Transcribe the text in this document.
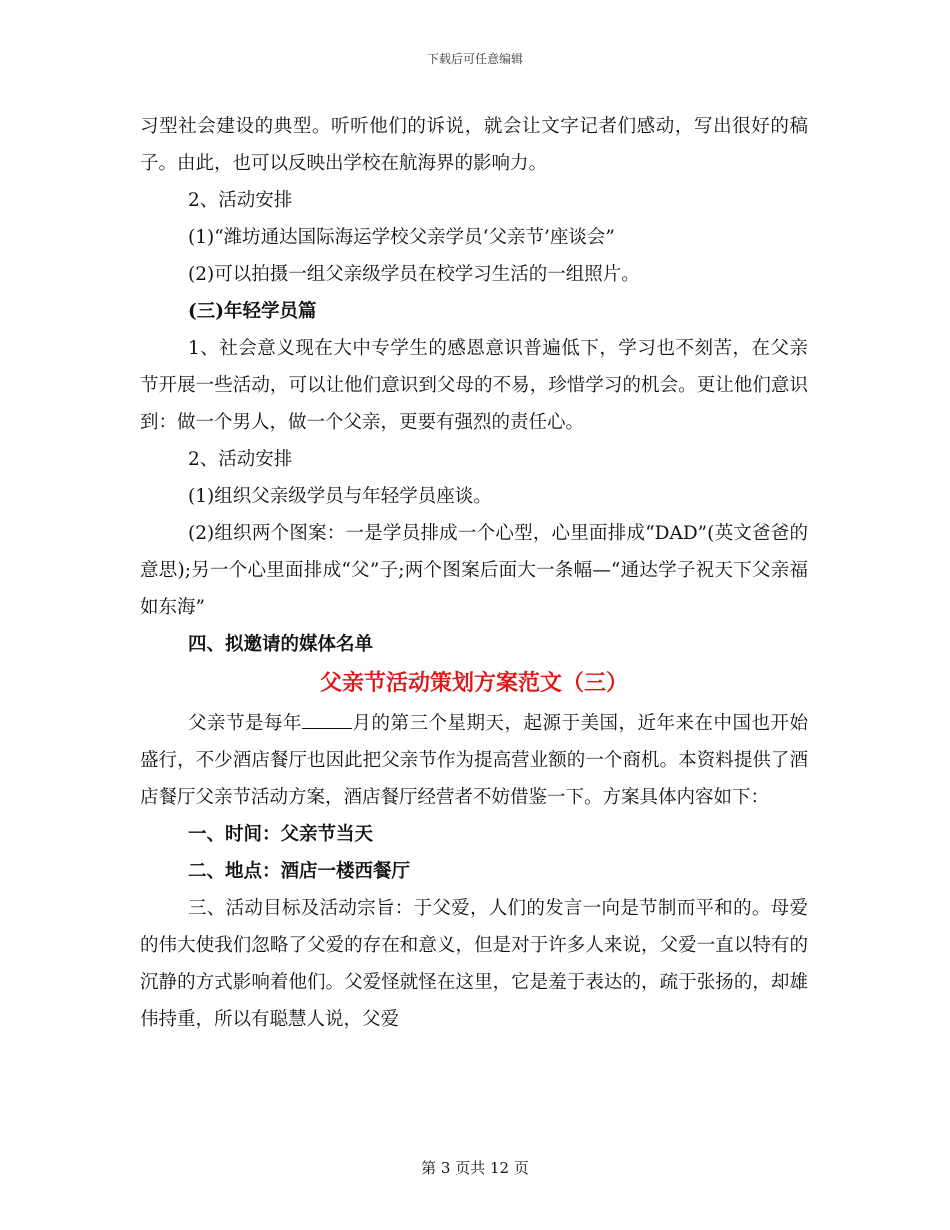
下载后可任意编辑

习型社会建设的典型。听听他们的诉说，就会让文字记者们感动，写出很好的稿子。由此，也可以反映出学校在航海界的影响力。

2、活动安排

(1)“潍坊通达国际海运学校父亲学员‘父亲节’座谈会”

(2)可以拍摄一组父亲级学员在校学习生活的一组照片。

(三)年轻学员篇

1、社会意义现在大中专学生的感恩意识普遍低下，学习也不刻苦，在父亲节开展一些活动，可以让他们意识到父母的不易，珍惜学习的机会。更让他们意识到：做一个男人，做一个父亲，更要有强烈的责任心。

2、活动安排

(1)组织父亲级学员与年轻学员座谈。

(2)组织两个图案：一是学员排成一个心型，心里面排成“DAD”(英文爸爸的意思);另一个心里面排成“父”子;两个图案后面大一条幅—“通达学子祝天下父亲福如东海”

四、拟邀请的媒体名单

父亲节活动策划方案范文（三）

父亲节是每年	月的第三个星期天，起源于美国，近年来在中国也开始盛行，不少酒店餐厅也因此把父亲节作为提高营业额的一个商机。本资料提供了酒店餐厅父亲节活动方案，酒店餐厅经营者不妨借鉴一下。方案具体内容如下：

一、时间：父亲节当天

二、地点：酒店一楼西餐厅

三、活动目标及活动宗旨：于父爱，人们的发言一向是节制而平和的。母爱的伟大使我们忽略了父爱的存在和意义，但是对于许多人来说，父爱一直以特有的沉静的方式影响着他们。父爱怪就怪在这里，它是羞于表达的，疏于张扬的，却雄伟持重，所以有聪慧人说，父爱

第 3 页共 12 页
